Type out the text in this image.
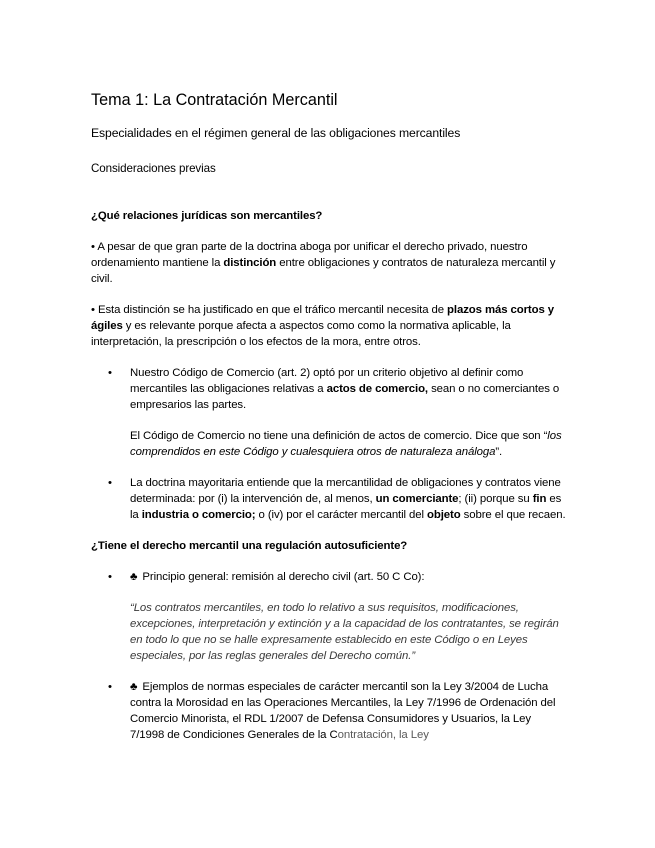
Tema 1: La Contratación Mercantil
Especialidades en el régimen general de las obligaciones mercantiles
Consideraciones previas
¿Qué relaciones jurídicas son mercantiles?
• A pesar de que gran parte de la doctrina aboga por unificar el derecho privado, nuestro ordenamiento mantiene la distinción entre obligaciones y contratos de naturaleza mercantil y civil.
• Esta distinción se ha justificado en que el tráfico mercantil necesita de plazos más cortos y ágiles y es relevante porque afecta a aspectos como como la normativa aplicable, la interpretación, la prescripción o los efectos de la mora, entre otros.
• Nuestro Código de Comercio (art. 2) optó por un criterio objetivo al definir como mercantiles las obligaciones relativas a actos de comercio, sean o no comerciantes o empresarios las partes.
El Código de Comercio no tiene una definición de actos de comercio. Dice que son “los comprendidos en este Código y cualesquiera otros de naturaleza análoga”.
• La doctrina mayoritaria entiende que la mercantilidad de obligaciones y contratos viene determinada: por (i) la intervención de, al menos, un comerciante; (ii) porque su fin es la industria o comercio; o (iv) por el carácter mercantil del objeto sobre el que recaen.
¿Tiene el derecho mercantil una regulación autosuficiente?
• ♣ Principio general: remisión al derecho civil (art. 50 C Co):
“Los contratos mercantiles, en todo lo relativo a sus requisitos, modificaciones, excepciones, interpretación y extinción y a la capacidad de los contratantes, se regirán en todo lo que no se halle expresamente establecido en este Código o en Leyes especiales, por las reglas generales del Derecho común.”
• ♣ Ejemplos de normas especiales de carácter mercantil son la Ley 3/2004 de Lucha contra la Morosidad en las Operaciones Mercantiles, la Ley 7/1996 de Ordenación del Comercio Minorista, el RDL 1/2007 de Defensa Consumidores y Usuarios, la Ley 7/1998 de Condiciones Generales de la Contratación, la Ley
